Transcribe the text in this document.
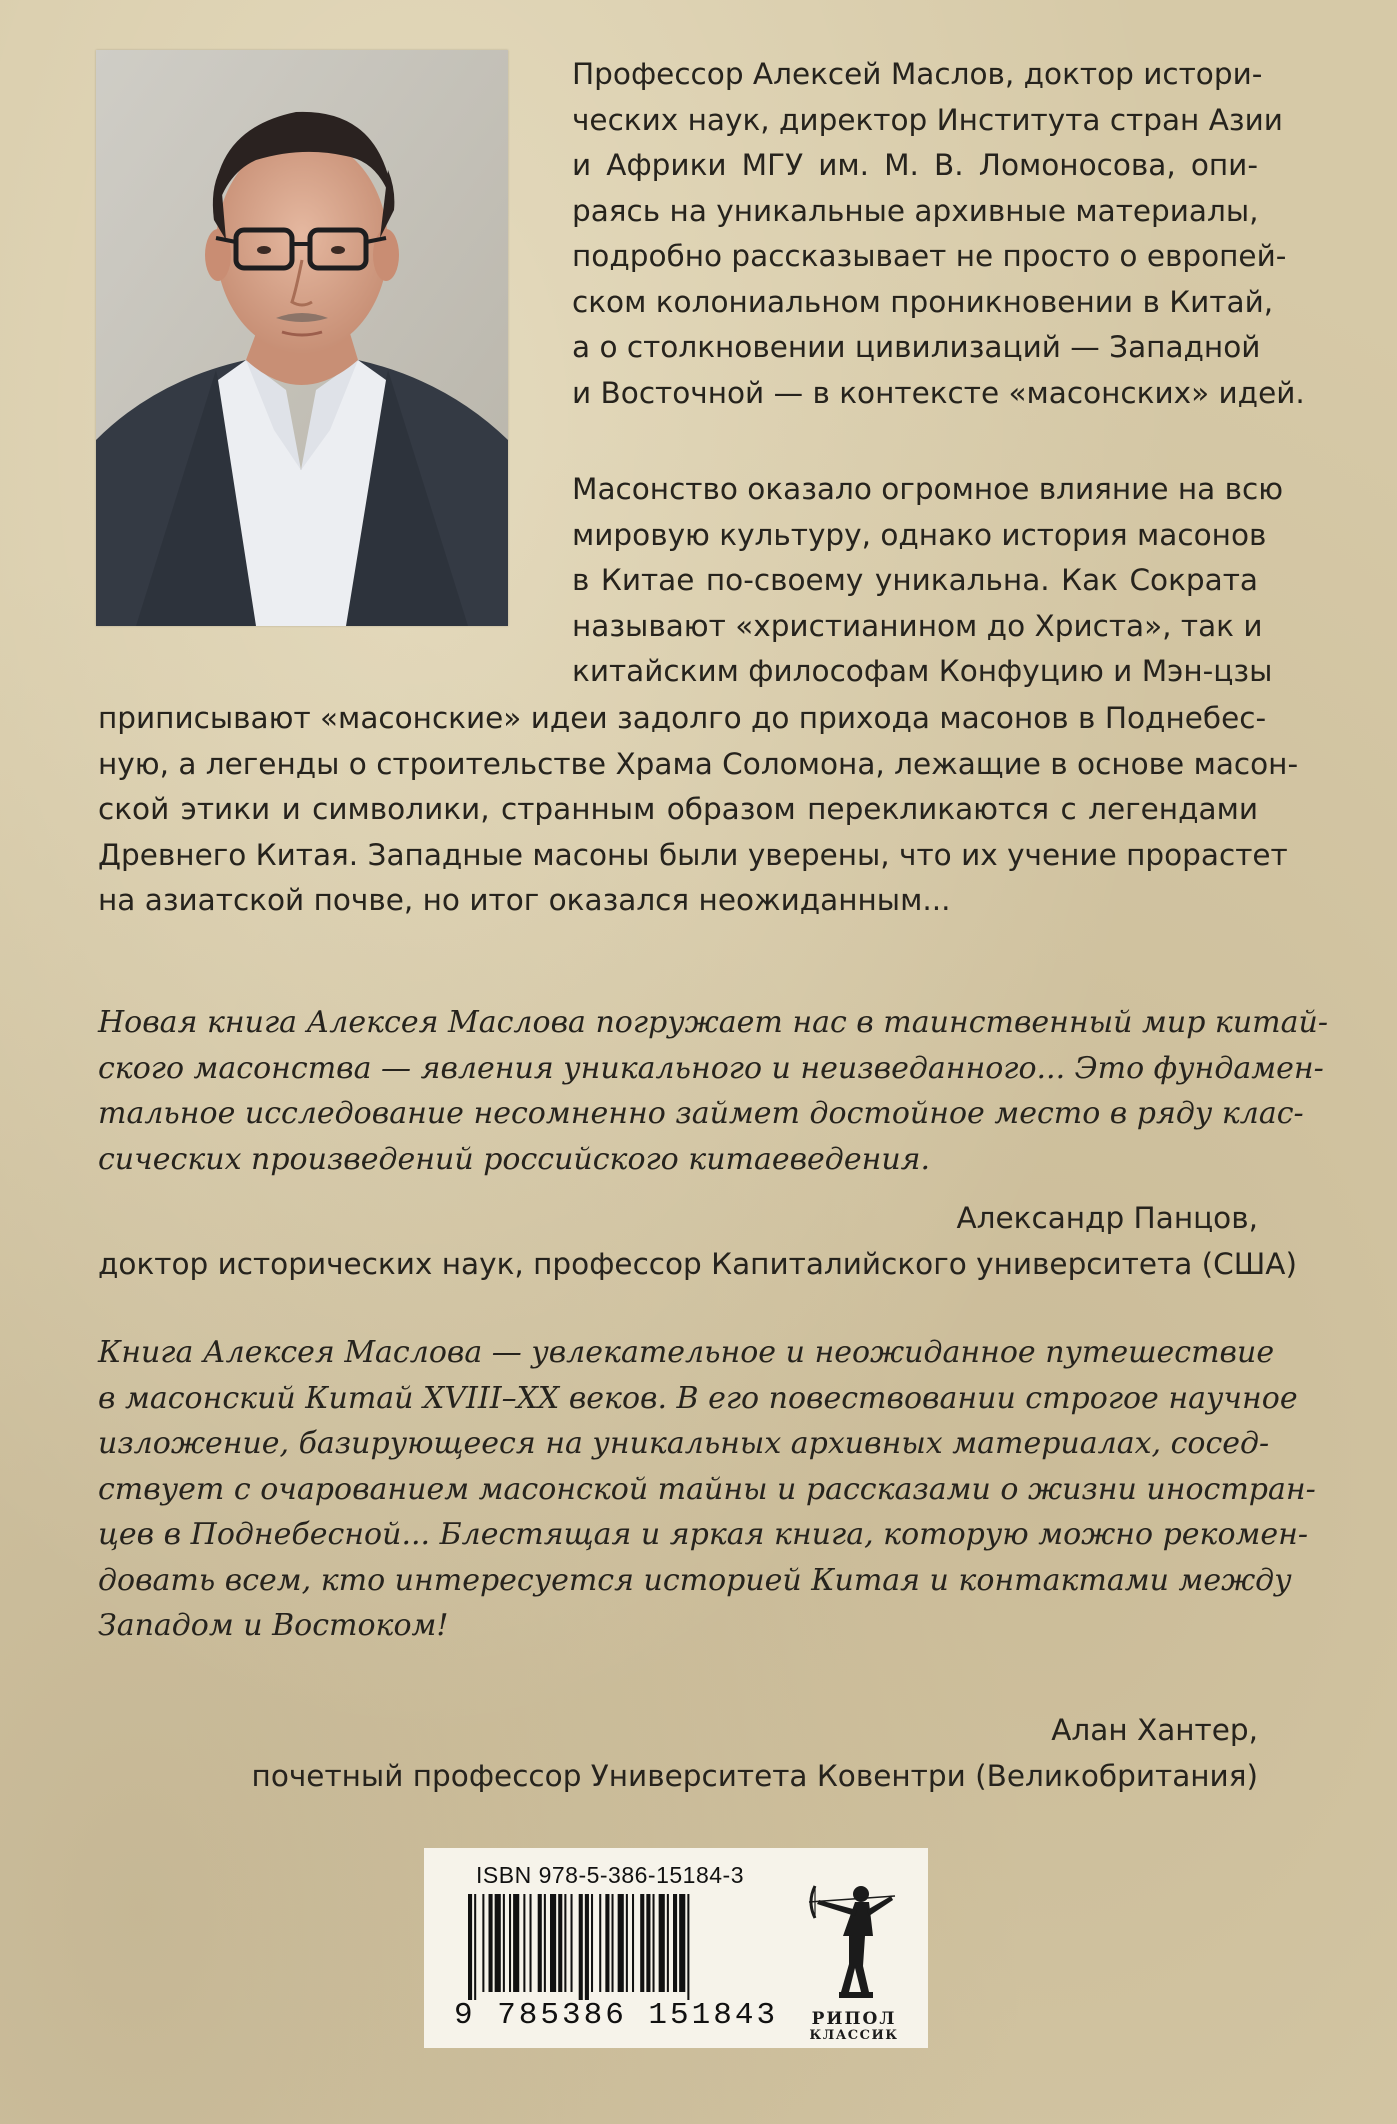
Профессор Алексей Маслов, доктор истори-
ческих наук, директор Института стран Азии
и Африки МГУ им. М. В. Ломоносова, опи-
раясь на уникальные архивные материалы,
подробно рассказывает не просто о европей-
ском колониальном проникновении в Китай,
а о столкновении цивилизаций — Западной
и Восточной — в контексте «масонских» идей.
Масонство оказало огромное влияние на всю
мировую культуру, однако история масонов
в Китае по-своему уникальна. Как Сократа
называют «христианином до Христа», так и
китайским философам Конфуцию и Мэн-цзы
приписывают «масонские» идеи задолго до прихода масонов в Поднебес-
ную, а легенды о строительстве Храма Соломона, лежащие в основе масон-
ской этики и символики, странным образом перекликаются с легендами
Древнего Китая. Западные масоны были уверены, что их учение прорастет
на азиатской почве, но итог оказался неожиданным...
Новая книга Алексея Маслова погружает нас в таинственный мир китай-
ского масонства — явления уникального и неизведанного... Это фундамен-
тальное исследование несомненно займет достойное место в ряду клас-
сических произведений российского китаеведения.
Александр Панцов,
доктор исторических наук, профессор Капиталийского университета (США)
Книга Алексея Маслова — увлекательное и неожиданное путешествие
в масонский Китай XVIII–XX веков. В его повествовании строгое научное
изложение, базирующееся на уникальных архивных материалах, сосед-
ствует с очарованием масонской тайны и рассказами о жизни иностран-
цев в Поднебесной... Блестящая и яркая книга, которую можно рекомен-
довать всем, кто интересуется историей Китая и контактами между
Западом и Востоком!
Алан Хантер,
почетный профессор Университета Ковентри (Великобритания)
ISBN 978-5-386-15184-3
9 785386 151843	РИПОЛ
КЛАССИК
